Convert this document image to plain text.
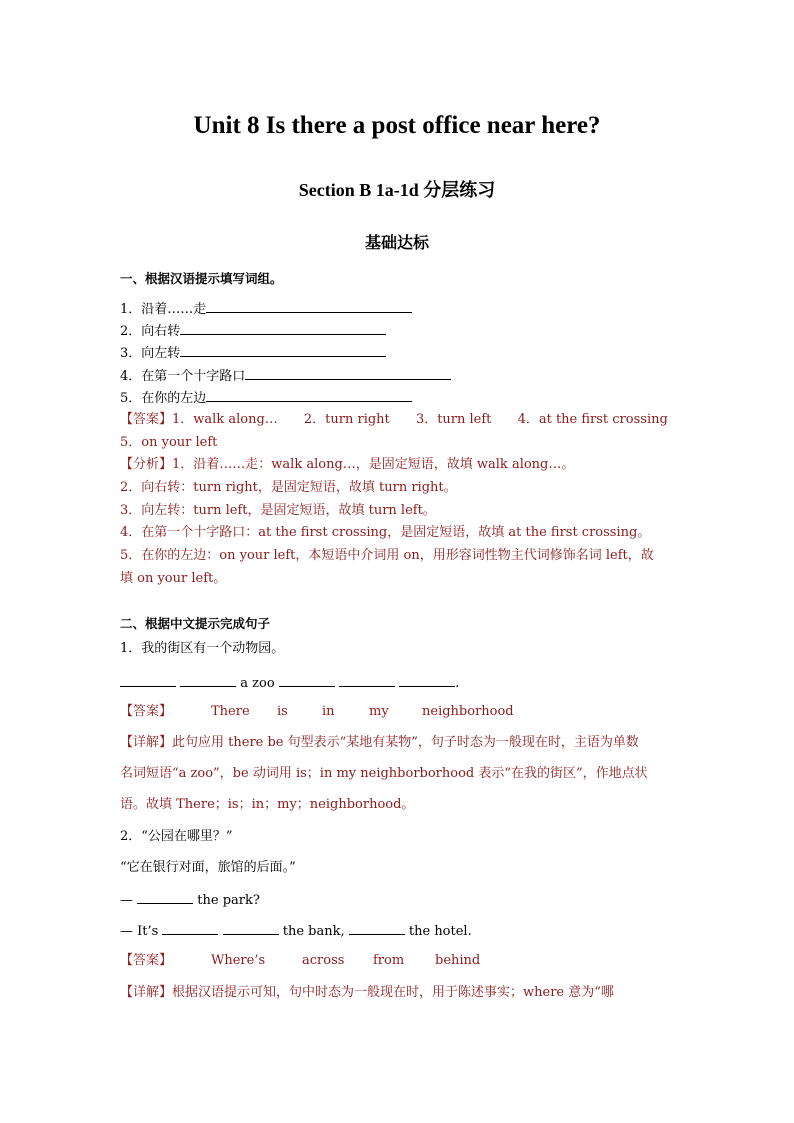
Unit 8 Is there a post office near here?
Section B 1a-1d 分层练习
基础达标
一、根据汉语提示填写词组。
1．沿着……走
2．向右转
3．向左转
4．在第一个十字路口
5．在你的左边
【答案】1．walk along… 2．turn right 3．turn left 4．at the first crossing
5．on your left
【分析】1．沿着……走：walk along…，是固定短语，故填 walk along…。
2．向右转：turn right，是固定短语，故填 turn right。
3．向左转：turn left，是固定短语，故填 turn left。
4．在第一个十字路口：at the first crossing，是固定短语，故填 at the first crossing。
5．在你的左边：on your left，本短语中介词用 on，用形容词性物主代词修饰名词 left，故
填 on your left。
二、根据中文提示完成句子
1．我的街区有一个动物园。
a zoo	.
【答案】	There is	in	my	neighborhood
【详解】此句应用 there be 句型表示“某地有某物”，句子时态为一般现在时，主语为单数
名词短语“a zoo”，be 动词用 is；in my neighborborhood 表示“在我的街区”，作地点状
语。故填 There；is；in；my；neighborhood。
2．“公园在哪里？”
“它在银行对面，旅馆的后面。”
—	the park?
— It’s	the bank,	the hotel.
【答案】	Where’s	across from behind
【详解】根据汉语提示可知，句中时态为一般现在时，用于陈述事实；where 意为“哪
